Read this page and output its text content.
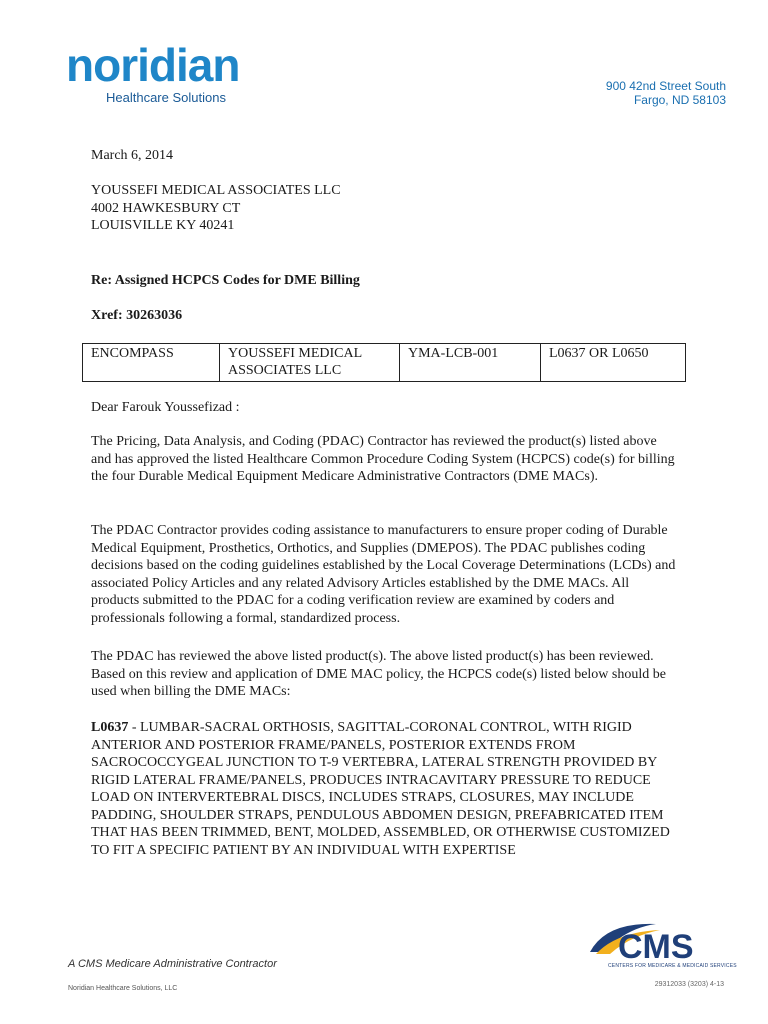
noridian
Healthcare Solutions
900 42nd Street South
Fargo, ND 58103
March 6, 2014
YOUSSEFI MEDICAL ASSOCIATES LLC
4002 HAWKESBURY CT
LOUISVILLE KY 40241
Re: Assigned HCPCS Codes for DME Billing
Xref: 30263036
ENCOMPASS	YOUSSEFI MEDICAL ASSOCIATES LLC	YMA-LCB-001	L0637 OR L0650
Dear Farouk Youssefizad :
The Pricing, Data Analysis, and Coding (PDAC) Contractor has reviewed the product(s) listed above and has approved the listed Healthcare Common Procedure Coding System (HCPCS) code(s) for billing the four Durable Medical Equipment Medicare Administrative Contractors (DME MACs).
The PDAC Contractor provides coding assistance to manufacturers to ensure proper coding of Durable Medical Equipment, Prosthetics, Orthotics, and Supplies (DMEPOS). The PDAC publishes coding decisions based on the coding guidelines established by the Local Coverage Determinations (LCDs) and associated Policy Articles and any related Advisory Articles established by the DME MACs. All products submitted to the PDAC for a coding verification review are examined by coders and professionals following a formal, standardized process.
The PDAC has reviewed the above listed product(s). The above listed product(s) has been reviewed. Based on this review and application of DME MAC policy, the HCPCS code(s) listed below should be used when billing the DME MACs:
L0637 - LUMBAR-SACRAL ORTHOSIS, SAGITTAL-CORONAL CONTROL, WITH RIGID ANTERIOR AND POSTERIOR FRAME/PANELS, POSTERIOR EXTENDS FROM SACROCOCCYGEAL JUNCTION TO T-9 VERTEBRA, LATERAL STRENGTH PROVIDED BY RIGID LATERAL FRAME/PANELS, PRODUCES INTRACAVITARY PRESSURE TO REDUCE LOAD ON INTERVERTEBRAL DISCS, INCLUDES STRAPS, CLOSURES, MAY INCLUDE PADDING, SHOULDER STRAPS, PENDULOUS ABDOMEN DESIGN, PREFABRICATED ITEM THAT HAS BEEN TRIMMED, BENT, MOLDED, ASSEMBLED, OR OTHERWISE CUSTOMIZED TO FIT A SPECIFIC PATIENT BY AN INDIVIDUAL WITH EXPERTISE
A CMS Medicare Administrative Contractor
Noridian Healthcare Solutions, LLC
29312033 (3203) 4-13
CMS
CENTERS FOR MEDICARE & MEDICAID SERVICES
